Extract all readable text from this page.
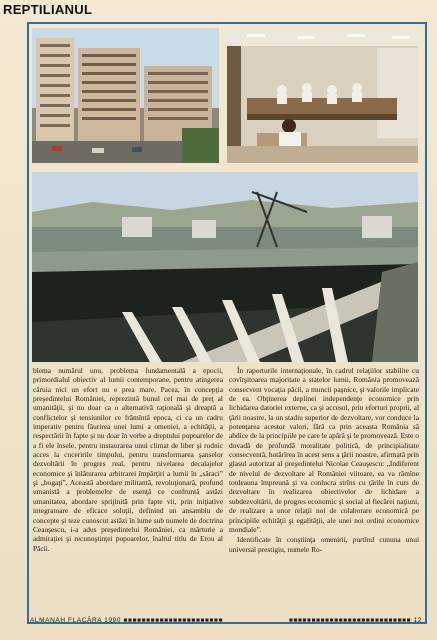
REPTILIANUL

blema numărul unu, problema fundamentală a epocii, primordialul obiectiv al lumii contemporane, pentru atingerea căruia nici un efort nu e prea mare. Pacea, în concepţia preşedintelui României, reprezintă bunul cel mai de preţ al umanităţii, şi nu doar ca o alternativă raţională şi dreaptă a conflictelor şi tensiunilor ce frămîntă epoca, ci ca un cadru imperativ pentru făurirea unei lumi a omeniei, a echităţii, a respectării în fapte şi nu doar în vorbe a dreptului popoarelor de a fi ele însele, pentru instaurarea unui climat de liber şi rodnic acces la cuceririle timpului, pentru transformarea şanselor dezvoltării în progres real, pentru nivelarea decalajelor economice şi înlăturarea arbitrarei împărţiri a lumii în „săraci” şi „bogaţi”. Această abordare militantă, revoluţionară, profund umanistă a problemelor de esenţă ce confruntă astăzi umanitatea, abordare sprijinită prin fapte vii, prin iniţiative integratoare de eficace soluţii, definind un ansamblu de concepte şi teze cunoscut astăzi în lume sub numele de doctrina Ceauşescu, i-a adus preşedintelui României, ca mărturie a admiraţiei şi recunoştinţei popoarelor, înaltul titlu de Erou al Păcii.

În raporturile internaţionale, în cadrul relaţiilor stabilite cu covîrşitoarea majoritate a statelor lumii, România promovează consecvent vocaţia păcii, a muncii paşnice, şi valorile implicate de ea. Obţinerea deplinei independenţe economice prin lichidarea datoriei externe, ca şi accesul, prin eforturi proprii, al ţării noastre, la un stadiu superior de dezvoltare, vor conduce la potenţarea acestor valori, fără ca prin aceasta România să abdice de la principiile pe care le apără şi le promovează. Este o dovadă de profundă moralitate politică, de principialitate consecventă, hotărîrea în acest sens a ţării noastre, afirmată prin glasul autorizat al preşedintelui Nicolae Ceauşescu: „Indiferent de nivelul de dezvoltare al României viitoare, ea va rămîne totdeauna împreună şi va conlucra strîns cu ţările în curs de dezvoltare în realizarea obiectivelor de lichidare a subdezvoltării, de progres economic şi social al fiecărei naţiuni, de realizare a unor relaţii noi de colaborare economică pe principiile echităţii şi egalităţii, ale unei noi ordini economice mondiale”.

Identificate în conştiinţa omenirii, purtînd cununa unui universal prestigiu, numele Ro-

ALMANAH FLACĂRA 1990 ■■■■■■■■■■■■■■■■■■■■■■	■■■■■■■■■■■■■■■■■■■■■■■■■■■ 12
